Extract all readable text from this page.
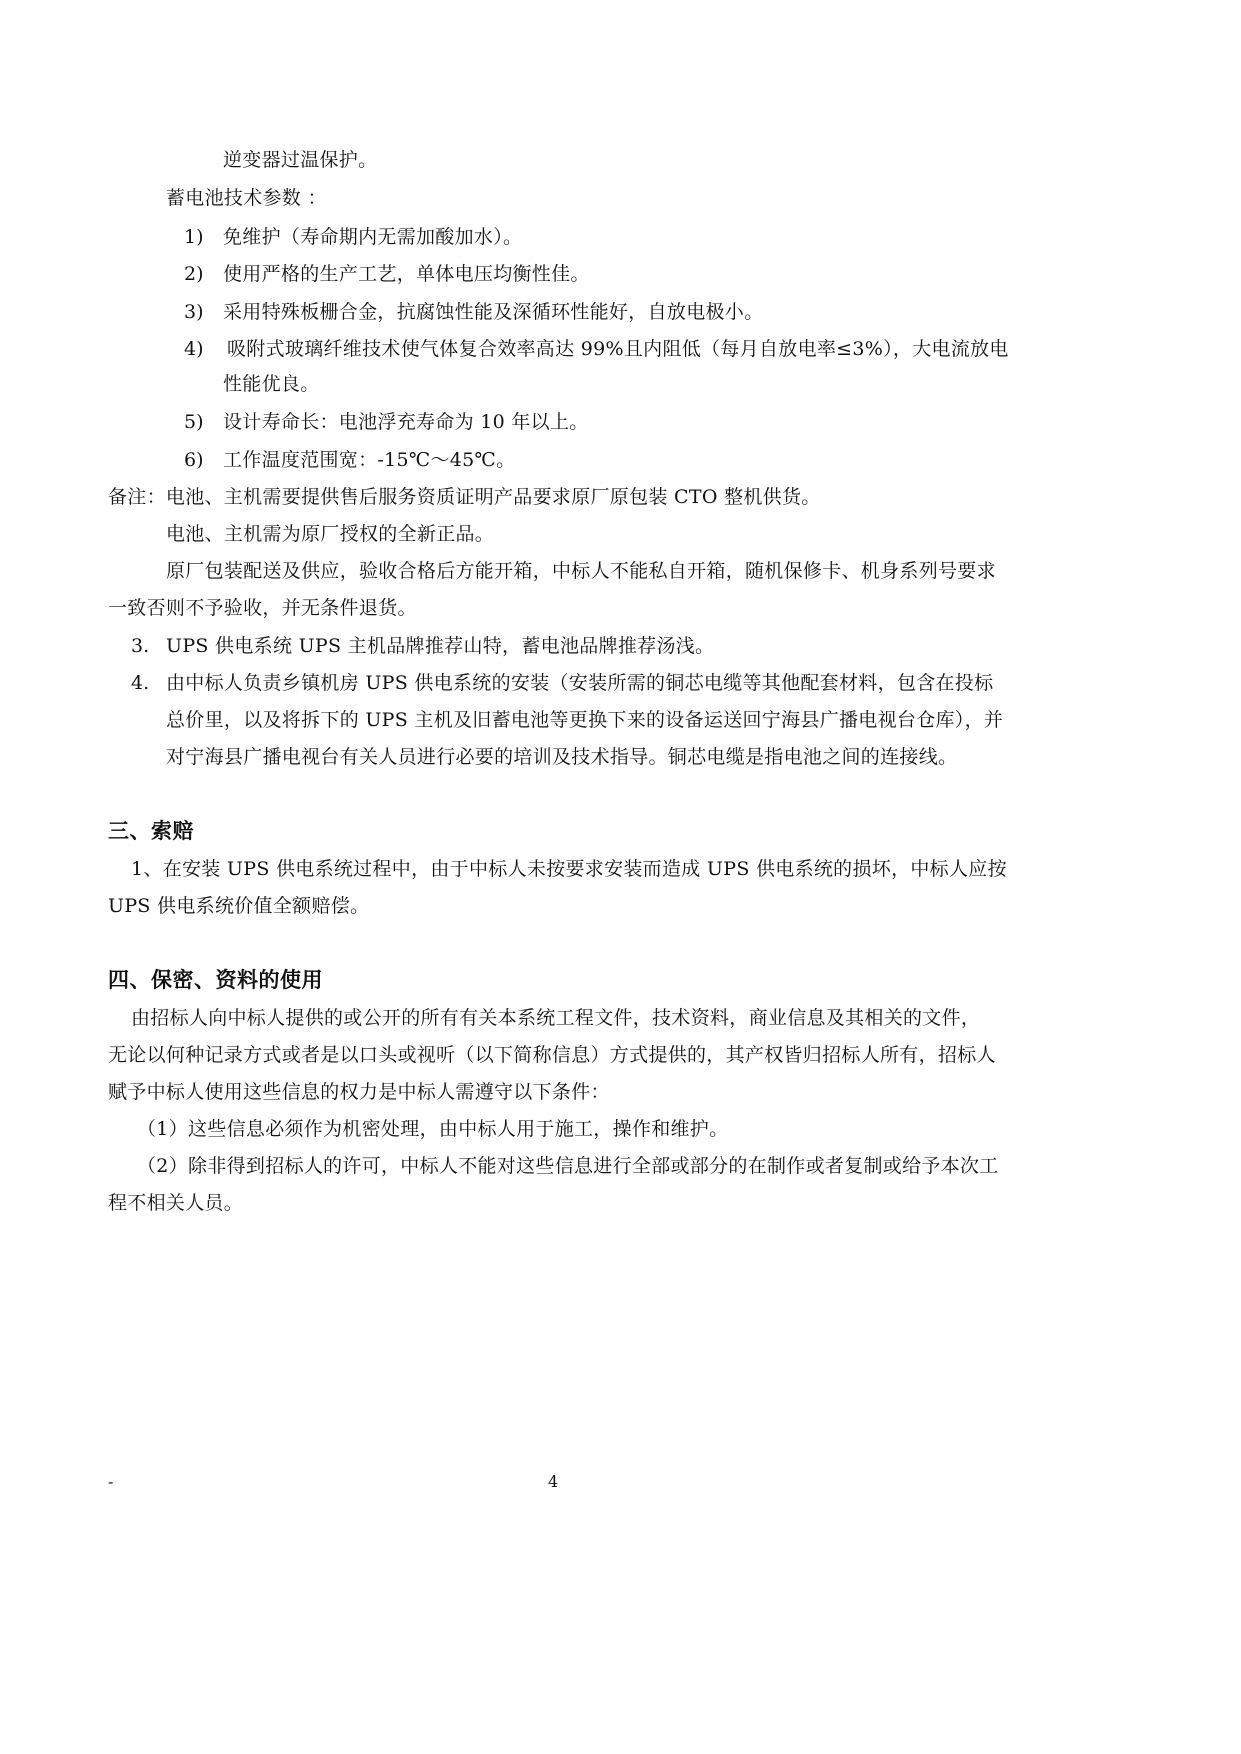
逆变器过温保护。
蓄电池技术参数 ：
1) 免维护（寿命期内无需加酸加水）。
2) 使用严格的生产工艺，单体电压均衡性佳。
3) 采用特殊板栅合金，抗腐蚀性能及深循环性能好，自放电极小。
4) 吸附式玻璃纤维技术使气体复合效率高达 99%且内阻低（每月自放电率≤3%），大电流放电
性能优良。
5) 设计寿命长：电池浮充寿命为 10 年以上。
6) 工作温度范围宽：-15℃～45℃。
备注：电池、主机需要提供售后服务资质证明产品要求原厂原包装 CTO 整机供货。
电池、主机需为原厂授权的全新正品。
原厂包装配送及供应，验收合格后方能开箱，中标人不能私自开箱，随机保修卡、机身系列号要求
一致否则不予验收，并无条件退货。
3. UPS 供电系统 UPS 主机品牌推荐山特，蓄电池品牌推荐汤浅。
4. 由中标人负责乡镇机房 UPS 供电系统的安装（安装所需的铜芯电缆等其他配套材料，包含在投标
总价里，以及将拆下的 UPS 主机及旧蓄电池等更换下来的设备运送回宁海县广播电视台仓库），并
对宁海县广播电视台有关人员进行必要的培训及技术指导。铜芯电缆是指电池之间的连接线。
三、索赔
1、在安装 UPS 供电系统过程中，由于中标人未按要求安装而造成 UPS 供电系统的损坏，中标人应按
UPS 供电系统价值全额赔偿。
四、保密、资料的使用
由招标人向中标人提供的或公开的所有有关本系统工程文件，技术资料，商业信息及其相关的文件，
无论以何种记录方式或者是以口头或视听（以下简称信息）方式提供的，其产权皆归招标人所有，招标人
赋予中标人使用这些信息的权力是中标人需遵守以下条件：
（1）这些信息必须作为机密处理，由中标人用于施工，操作和维护。
（2）除非得到招标人的许可，中标人不能对这些信息进行全部或部分的在制作或者复制或给予本次工
程不相关人员。
-	4
